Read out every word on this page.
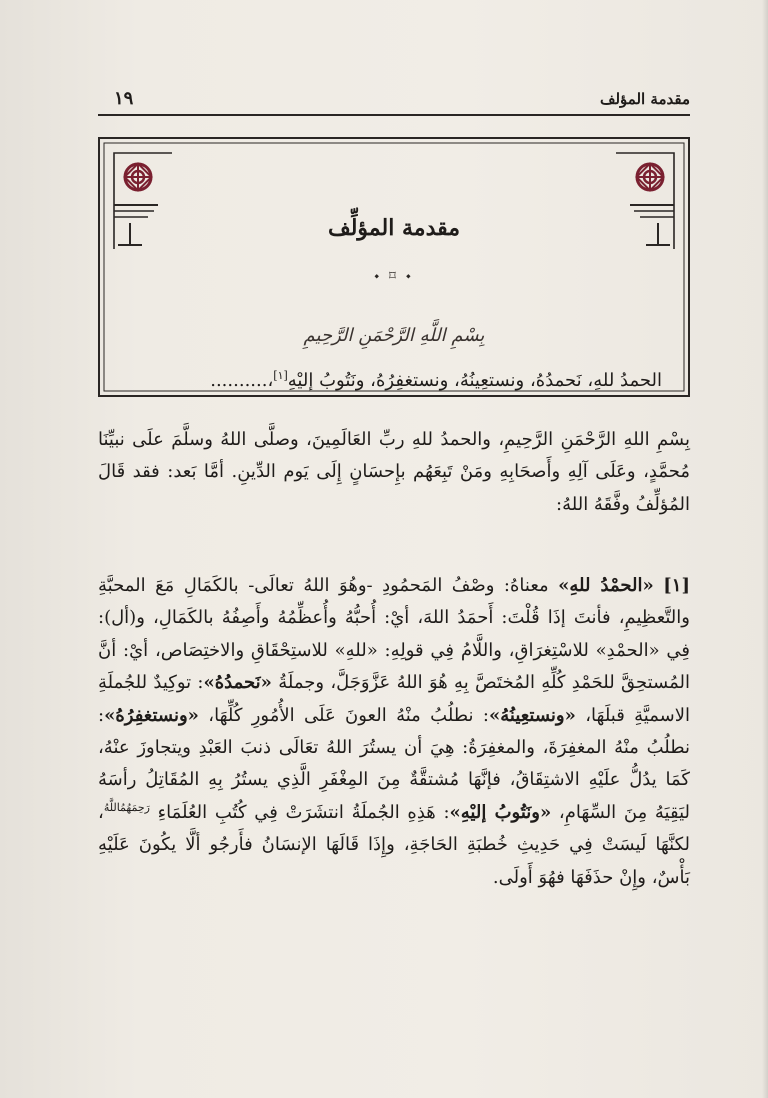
مقدمة المؤلف
١٩
مقدمة المؤلِّف
⬩ ⌑ ⬩
بِسْمِ اللَّهِ الرَّحْمَنِ الرَّحِيمِ
الحمدُ للهِ، نَحمدُهُ، ونستعِينُهُ، ونستغفِرُهُ، ونَتُوبُ إليْهِ[١]،..........
بِسْمِ اللهِ الرَّحْمَنِ الرَّحِيمِ، والحمدُ للهِ ربِّ العَالَمِينَ، وصلَّى اللهُ وسلَّمَ علَى نبيِّنَا مُحمَّدٍ، وعَلَى آلِهِ وأَصحَابِهِ ومَنْ تَبِعَهُم بإِحسَانٍ إِلَى يَوم الدِّينِ. أمَّا بَعد: فقد قَالَ المُؤلِّفُ وفَّقَهُ اللهُ:
[١] «الحمْدُ للهِ» معناهُ: وصْفُ المَحمُودِ -وهُوَ اللهُ تعالَى- بالكَمَالِ مَعَ المحبَّةِ والتَّعظِيمِ، فأنتَ إذَا قُلْتَ: أَحمَدُ اللهَ، أيْ: أُحبُّهُ وأُعظِّمُهُ وأَصِفُهُ بالكَمَالِ، و(أل): فِي «الحمْدِ» للاسْتِغرَاقِ، واللَّامُ فِي قولِهِ: «للهِ» للاستِحْقَاقِ والاختِصَاص، أيْ: أنَّ المُستحِقَّ للحَمْدِ كُلِّهِ المُختَصَّ بِهِ هُوَ اللهُ عَزَّوَجَلَّ، وجملَةُ «نَحمدُهُ»: توكِيدٌ للجُملَةِ الاسميَّةِ قبلَهَا، «ونستعِينُهُ»: نطلُبُ منْهُ العونَ عَلَى الأُمُورِ كُلِّهَا، «ونستغفِرُهُ»: نطلُبُ منْهُ المغفِرَةَ، والمغفِرَةُ: هِيَ أن يستُرَ اللهُ تعَالَى ذنبَ العَبْدِ ويتجاوزَ عنْهُ، كَمَا يدُلُّ علَيْهِ الاشتِقَاقُ، فإنَّهَا مُشتقَّةٌ مِنَ المِغْفَرِ الَّذِي يستُرُ بِهِ المُقَاتِلُ رأسَهُ ليَقِيَهُ مِنَ السِّهَامِ، «ونَتُوبُ إليْهِ»: هَذِهِ الجُملَةُ انتشَرَتْ فِي كُتُبِ العُلَمَاءِ $^{رَحِمَهُمُاللَّهُ}$، لكنَّهَا لَيسَتْ فِي حَدِيثِ خُطبَةِ الحَاجَةِ، وإِذَا قَالَهَا الإنسَانُ فأَرجُو ألَّا يكُونَ عَلَيْهِ بَأْسٌ، وإِنْ حذَفَهَا فهُوَ أَولَى.
